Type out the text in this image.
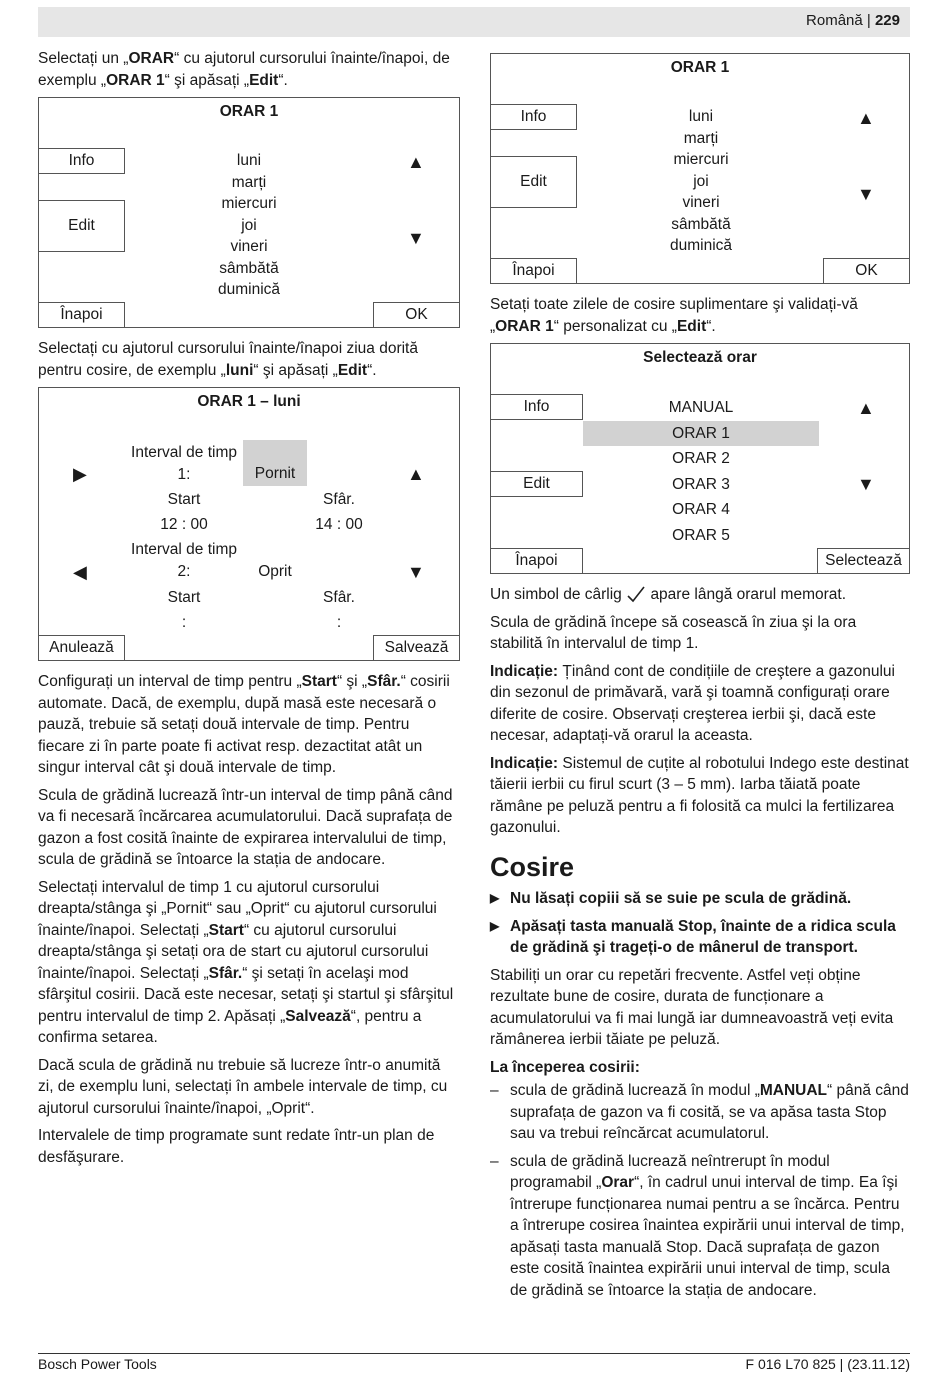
Română | 229

Selectați un „ORAR“ cu ajutorul cursorului înainte/înapoi, de exemplu „ORAR 1“ şi apăsați „Edit“.

ORAR 1
Info
Edit
Înapoi	OK
luni
marți
miercuri
joi
vineri
sâmbătă
duminică
▲
▼

Selectați cu ajutorul cursorului înainte/înapoi ziua dorită pentru cosire, de exemplu „luni“ şi apăsați „Edit“.

ORAR 1 – luni
▶
◀
▲
▼
Interval de timp 1:	Pornit
Start	Sfâr.
12 : 00	14 : 00
Interval de timp 2:	Oprit
Start	Sfâr.
:	:
Anulează	Salvează

Configurați un interval de timp pentru „Start“ şi „Sfâr.“ cosirii automate. Dacă, de exemplu, după masă este necesară o pauză, trebuie să setați două intervale de timp. Pentru fiecare zi în parte poate fi activat resp. dezactitat atât un singur interval cât şi două intervale de timp.

Scula de grădină lucrează într-un interval de timp până când va fi necesară încărcarea acumulatorului. Dacă suprafața de gazon a fost cosită înainte de expirarea intervalului de timp, scula de grădină se întoarce la stația de andocare.

Selectați intervalul de timp 1 cu ajutorul cursorului dreapta/stânga şi „Pornit“ sau „Oprit“ cu ajutorul cursorului înainte/înapoi. Selectați „Start“ cu ajutorul cursorului dreapta/stânga şi setați ora de start cu ajutorul cursorului înainte/înapoi. Selectați „Sfâr.“ şi setați în acelaşi mod sfârşitul cosirii. Dacă este necesar, setați şi startul şi sfârşitul pentru intervalul de timp 2. Apăsați „Salvează“, pentru a confirma setarea.

Dacă scula de grădină nu trebuie să lucreze într-o anumită zi, de exemplu luni, selectați în ambele intervale de timp, cu ajutorul cursorului înainte/înapoi, „Oprit“.

Intervalele de timp programate sunt redate într-un plan de desfăşurare.

ORAR 1
Info
Edit
Înapoi	OK
luni
marți
miercuri
joi
vineri
sâmbătă
duminică
▲
▼

Setați toate zilele de cosire suplimentare şi validați-vă „ORAR 1“ personalizat cu „Edit“.

Selectează orar
Info
Edit
Înapoi	Selectează
MANUAL
ORAR 1
ORAR 2
ORAR 3
ORAR 4
ORAR 5
▲
▼

Un simbol de cârlig apare lângă orarul memorat.

Scula de grădină începe să cosească în ziua şi la ora stabilită în intervalul de timp 1.

Indicație: Ținând cont de condițiile de creştere a gazonului din sezonul de primăvară, vară şi toamnă configurați orare diferite de cosire. Observați creşterea ierbii şi, dacă este necesar, adaptați-vă orarul la aceasta.

Indicație: Sistemul de cuțite al robotului Indego este destinat tăierii ierbii cu firul scurt (3 – 5 mm). Iarba tăiată poate rămâne pe peluză pentru a fi folosită ca mulci la fertilizarea gazonului.

Cosire

▶ Nu lăsați copiii să se suie pe scula de grădină.

▶ Apăsați tasta manuală Stop, înainte de a ridica scula de grădină şi trageți-o de mânerul de transport.

Stabiliți un orar cu repetări frecvente. Astfel veți obține rezultate bune de cosire, durata de funcționare a acumulatorului va fi mai lungă iar dumneavoastră veți evita rămânerea ierbii tăiate pe peluză.

La începerea cosirii:

– scula de grădină lucrează în modul „MANUAL“ până când suprafața de gazon va fi cosită, se va apăsa tasta Stop sau va trebui reîncărcat acumulatorul.

– scula de grădină lucrează neîntrerupt în modul programabil „Orar“, în cadrul unui interval de timp. Ea îşi întrerupe funcționarea numai pentru a se încărca. Pentru a întrerupe cosirea înaintea expirării unui interval de timp, apăsați tasta manuală Stop. Dacă suprafața de gazon este cosită înaintea expirării unui interval de timp, scula de grădină se întoarce la stația de andocare.

Bosch Power Tools	F 016 L70 825 | (23.11.12)
